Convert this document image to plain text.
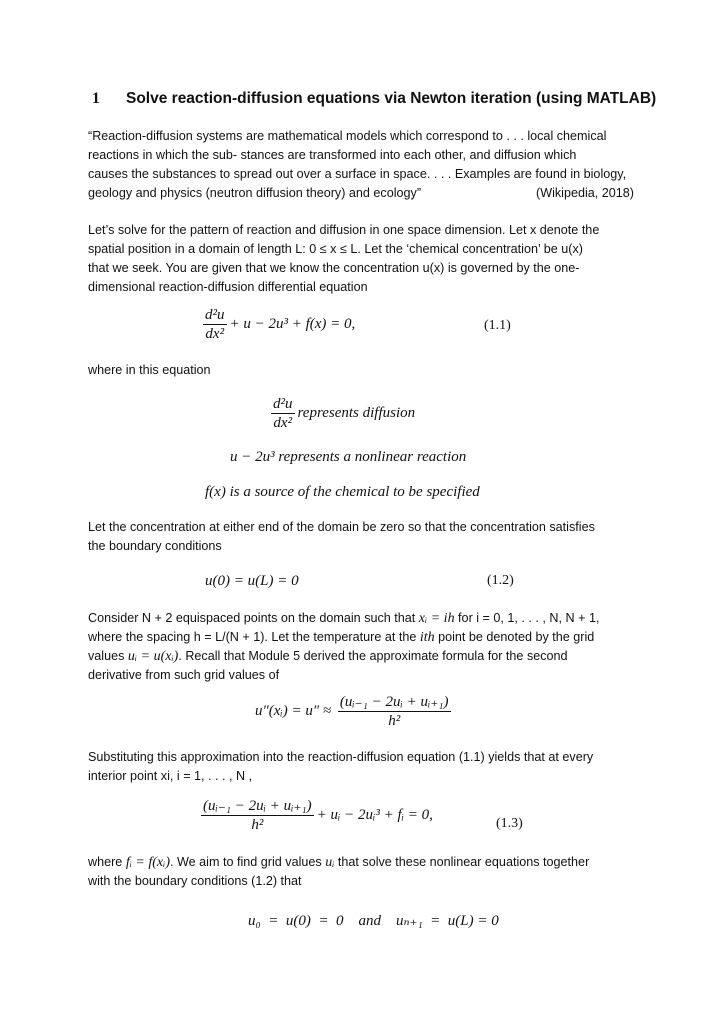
1 Solve reaction-diffusion equations via Newton iteration (using MATLAB)
“Reaction-diffusion systems are mathematical models which correspond to . . . local chemical
reactions in which the sub- stances are transformed into each other, and diffusion which
causes the substances to spread out over a surface in space. . . . Examples are found in biology,
geology and physics (neutron diffusion theory) and ecology”	(Wikipedia, 2018)
Let’s solve for the pattern of reaction and diffusion in one space dimension. Let x denote the
spatial position in a domain of length L: 0 ≤ x ≤ L. Let the ‘chemical concentration’ be u(x)
that we seek. You are given that we know the concentration u(x) is governed by the one-
dimensional reaction-diffusion differential equation
$\frac{\text{d²u}}{\text{dx²}} + u - 2u^3 + f(x) = 0$,	(1.1)
where in this equation
$\frac{\text{d²u}}{\text{dx²}}$ represents diffusion
u − 2u³ represents a nonlinear reaction
f(x) is a source of the chemical to be specified
Let the concentration at either end of the domain be zero so that the concentration satisfies
the boundary conditions
u(0) = u(L) = 0	(1.2)
Consider N + 2 equispaced points on the domain such that xᵢ = ih for i = 0, 1, . . . , N, N + 1,
where the spacing h = L/(N + 1). Let the temperature at the ith point be denoted by the grid
values uᵢ = u(xᵢ). Recall that Module 5 derived the approximate formula for the second
derivative from such grid values of
u″(xᵢ) = $u'' \approx \frac{\text{(uᵢ₋₁ − 2uᵢ + uᵢ₊₁)}}{\text{h²}}$
Substituting this approximation into the reaction-diffusion equation (1.1) yields that at every
interior point xi, i = 1, . . . , N ,
$\frac{\text{(uᵢ₋₁ − 2uᵢ + uᵢ₊₁)}}{\text{h²}}$ + uᵢ − 2uᵢ³ + fᵢ = 0,
(1.3)
where fᵢ = f(xᵢ). We aim to find grid values uᵢ that solve these nonlinear equations together
with the boundary conditions (1.2) that
u₀  =  u(0)  =  0    and    uₙ₊₁  =  u(L) = 0
